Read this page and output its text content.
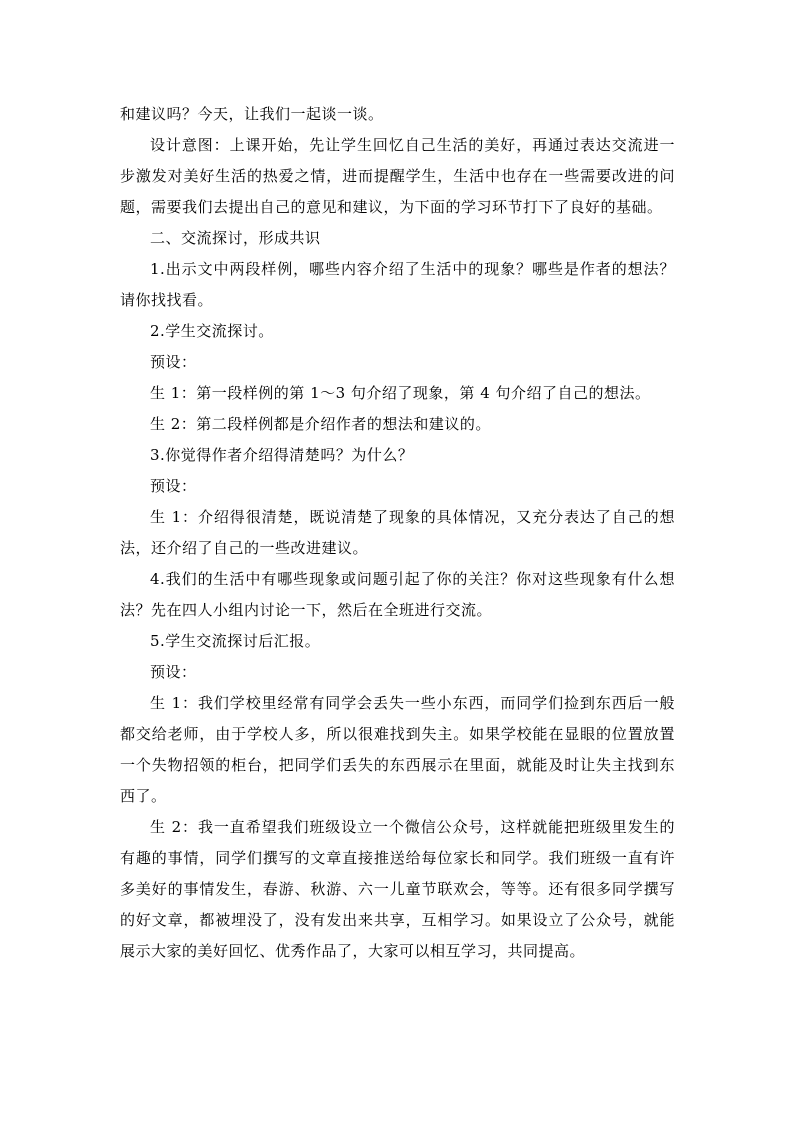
和建议吗？今天，让我们一起谈一谈。

设计意图：上课开始，先让学生回忆自己生活的美好，再通过表达交流进一步激发对美好生活的热爱之情，进而提醒学生，生活中也存在一些需要改进的问题，需要我们去提出自己的意见和建议，为下面的学习环节打下了良好的基础。

二、交流探讨，形成共识

1.出示文中两段样例，哪些内容介绍了生活中的现象？哪些是作者的想法？请你找找看。

2.学生交流探讨。

预设：

生 1：第一段样例的第 1～3 句介绍了现象，第 4 句介绍了自己的想法。

生 2：第二段样例都是介绍作者的想法和建议的。

3.你觉得作者介绍得清楚吗？为什么？

预设：

生 1：介绍得很清楚，既说清楚了现象的具体情况，又充分表达了自己的想法，还介绍了自己的一些改进建议。

4.我们的生活中有哪些现象或问题引起了你的关注？你对这些现象有什么想法？先在四人小组内讨论一下，然后在全班进行交流。

5.学生交流探讨后汇报。

预设：

生 1：我们学校里经常有同学会丢失一些小东西，而同学们捡到东西后一般都交给老师，由于学校人多，所以很难找到失主。如果学校能在显眼的位置放置一个失物招领的柜台，把同学们丢失的东西展示在里面，就能及时让失主找到东西了。

生 2：我一直希望我们班级设立一个微信公众号，这样就能把班级里发生的有趣的事情，同学们撰写的文章直接推送给每位家长和同学。我们班级一直有许多美好的事情发生，春游、秋游、六一儿童节联欢会，等等。还有很多同学撰写的好文章，都被埋没了，没有发出来共享，互相学习。如果设立了公众号，就能展示大家的美好回忆、优秀作品了，大家可以相互学习，共同提高。
